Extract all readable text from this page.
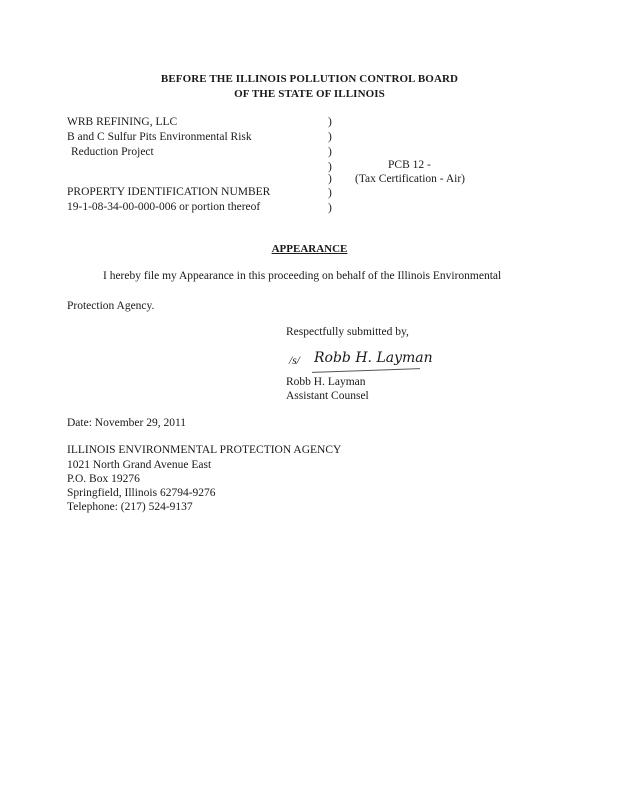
BEFORE THE ILLINOIS POLLUTION CONTROL BOARD
OF THE STATE OF ILLINOIS
WRB REFINING, LLC
B and C Sulfur Pits Environmental Risk
Reduction Project
PROPERTY IDENTIFICATION NUMBER
19-1-08-34-00-000-006 or portion thereof
)
)
)
)
)
)
)
PCB 12 -
(Tax Certification - Air)
APPEARANCE
I hereby file my Appearance in this proceeding on behalf of the Illinois Environmental
Protection Agency.
Respectfully submitted by,
/s/ Robb H. Layman
Robb H. Layman
Assistant Counsel
Date: November 29, 2011
ILLINOIS ENVIRONMENTAL PROTECTION AGENCY
1021 North Grand Avenue East
P.O. Box 19276
Springfield, Illinois 62794-9276
Telephone: (217) 524-9137
